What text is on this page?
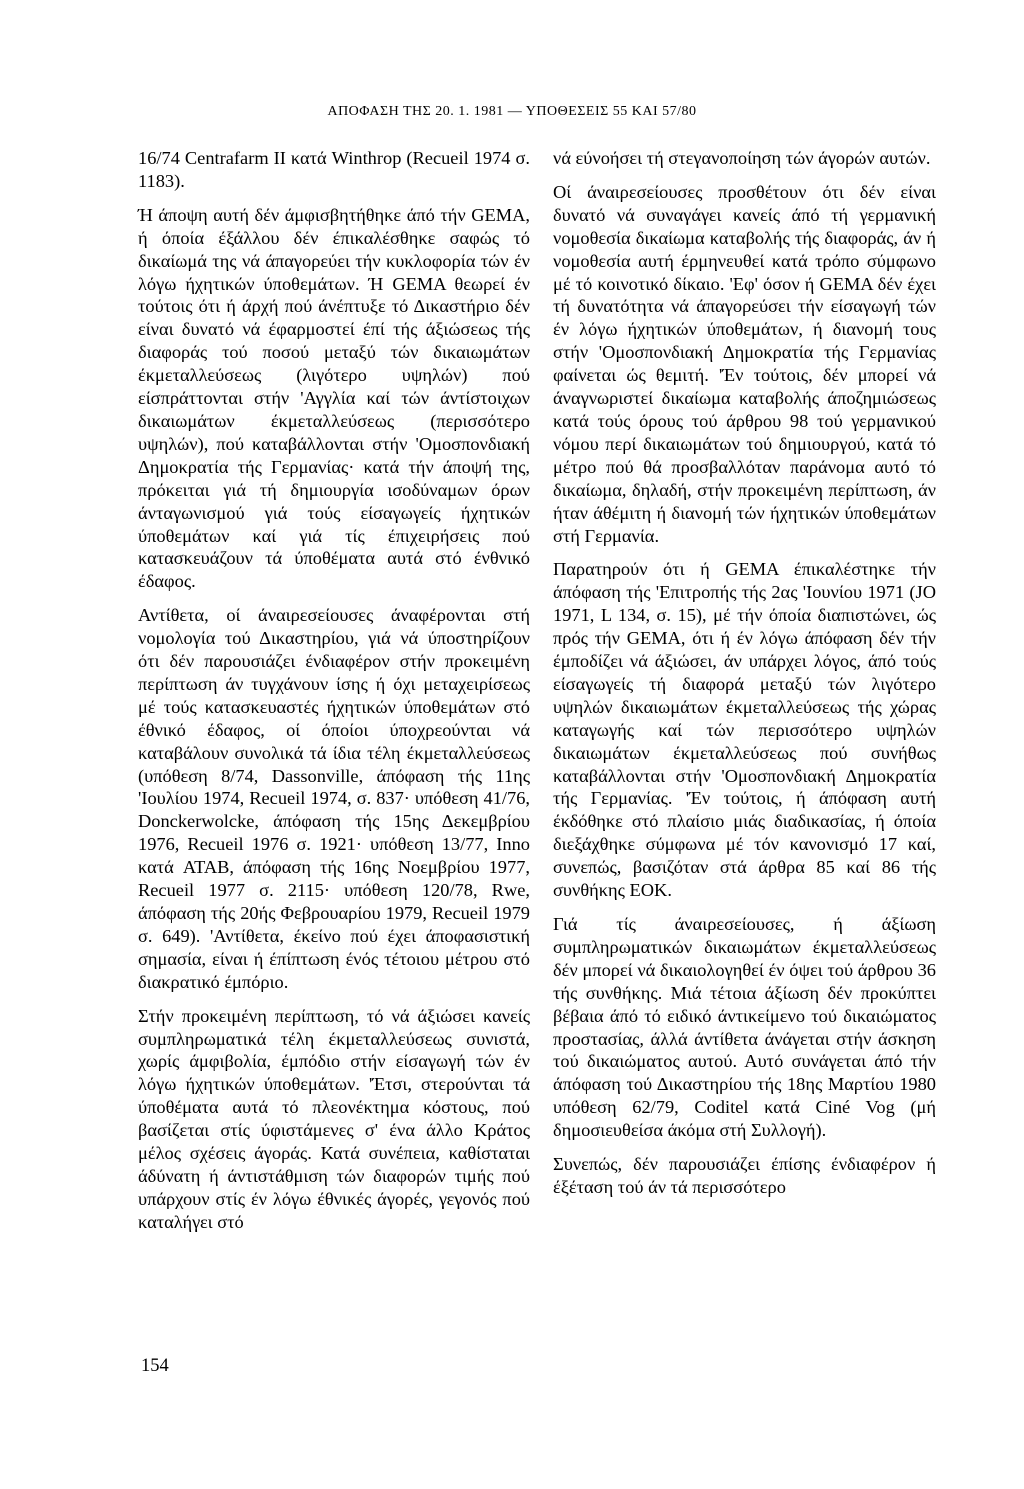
ΑΠΟΦΑΣΗ ΤΗΣ 20. 1. 1981 — ΥΠΟΘΕΣΕΙΣ 55 ΚΑΙ 57/80

16/74 Centrafarm II κατά Winthrop (Recueil 1974 σ. 1183).

Ή άποψη αυτή δέν άμφισβητήθηκε άπό τήν GEMA, ή όποία έξάλλου δέν έπικαλέσθηκε σαφώς τό δικαίωμά της νά άπαγορεύει τήν κυκλοφορία τών έν λόγω ήχητικών ύποθεμάτων. Ή GEMA θεωρεί έν τούτοις ότι ή άρχή πού άνέπτυξε τό Δικαστήριο δέν είναι δυνατό νά έφαρμοστεί έπί τής άξιώσεως τής διαφοράς τού ποσού μεταξύ τών δικαιωμάτων έκμεταλλεύσεως (λιγότερο υψηλών) πού είσπράττονται στήν 'Αγγλία καί τών άντίστοιχων δικαιωμάτων έκμεταλλεύσεως (περισσότερο υψηλών), πού καταβάλλονται στήν 'Ομοσπονδιακή Δημοκρατία τής Γερμανίας· κατά τήν άποψή της, πρόκειται γιά τή δημιουργία ισοδύναμων όρων άνταγωνισμού γιά τούς είσαγωγείς ήχητικών ύποθεμάτων καί γιά τίς έπιχειρήσεις πού κατασκευάζουν τά ύποθέματα αυτά στό ένθνικό έδαφος.

Αντίθετα, οί άναιρεσείουσες άναφέρονται στή νομολογία τού Δικαστηρίου, γιά νά ύποστηρίζουν ότι δέν παρουσιάζει ένδιαφέρον στήν προκειμένη περίπτωση άν τυγχάνουν ίσης ή όχι μεταχειρίσεως μέ τούς κατασκευαστές ήχητικών ύποθεμάτων στό έθνικό έδαφος, οί όποίοι ύποχρεούνται νά καταβάλουν συνολικά τά ίδια τέλη έκμεταλλεύσεως (υπόθεση 8/74, Dassonville, άπόφαση τής 11ης 'Ιουλίου 1974, Recueil 1974, σ. 837· υπόθεση 41/76, Donckerwolcke, άπόφαση τής 15ης Δεκεμβρίου 1976, Recueil 1976 σ. 1921· υπόθεση 13/77, Inno κατά ATAB, άπόφαση τής 16ης Νοεμβρίου 1977, Recueil 1977 σ. 2115· υπόθεση 120/78, Rwe, άπόφαση τής 20ής Φεβρουαρίου 1979, Recueil 1979 σ. 649). 'Αντίθετα, έκείνο πού έχει άποφασιστική σημασία, είναι ή έπίπτωση ένός τέτοιου μέτρου στό διακρατικό έμπόριο.

Στήν προκειμένη περίπτωση, τό νά άξιώσει κανείς συμπληρωματικά τέλη έκμεταλλεύσεως συνιστά, χωρίς άμφιβολία, έμπόδιο στήν είσαγωγή τών έν λόγω ήχητικών ύποθεμάτων. 'Έτσι, στερούνται τά ύποθέματα αυτά τό πλεονέκτημα κόστους, πού βασίζεται στίς ύφιστάμενες σ' ένα άλλο Κράτος μέλος σχέσεις άγοράς. Κατά συνέπεια, καθίσταται άδύνατη ή άντιστάθμιση τών διαφορών τιμής πού υπάρχουν στίς έν λόγω έθνικές άγορές, γεγονός πού καταλήγει στό

νά εύνοήσει τή στεγανοποίηση τών άγορών αυτών.

Οί άναιρεσείουσες προσθέτουν ότι δέν είναι δυνατό νά συναγάγει κανείς άπό τή γερμανική νομοθεσία δικαίωμα καταβολής τής διαφοράς, άν ή νομοθεσία αυτή έρμηνευθεί κατά τρόπο σύμφωνο μέ τό κοινοτικό δίκαιο. 'Εφ' όσον ή GEMA δέν έχει τή δυνατότητα νά άπαγορεύσει τήν είσαγωγή τών έν λόγω ήχητικών ύποθεμάτων, ή διανομή τους στήν 'Ομοσπονδιακή Δημοκρατία τής Γερμανίας φαίνεται ώς θεμιτή. 'Έν τούτοις, δέν μπορεί νά άναγνωριστεί δικαίωμα καταβολής άποζημιώσεως κατά τούς όρους τού άρθρου 98 τού γερμανικού νόμου περί δικαιωμάτων τού δημιουργού, κατά τό μέτρο πού θά προσβαλλόταν παράνομα αυτό τό δικαίωμα, δηλαδή, στήν προκειμένη περίπτωση, άν ήταν άθέμιτη ή διανομή τών ήχητικών ύποθεμάτων στή Γερμανία.

Παρατηρούν ότι ή GEMA έπικαλέστηκε τήν άπόφαση τής 'Επιτροπής τής 2ας 'Ιουνίου 1971 (JO 1971, L 134, σ. 15), μέ τήν όποία διαπιστώνει, ώς πρός τήν GEMA, ότι ή έν λόγω άπόφαση δέν τήν έμποδίζει νά άξιώσει, άν υπάρχει λόγος, άπό τούς είσαγωγείς τή διαφορά μεταξύ τών λιγότερο υψηλών δικαιωμάτων έκμεταλλεύσεως τής χώρας καταγωγής καί τών περισσότερο υψηλών δικαιωμάτων έκμεταλλεύσεως πού συνήθως καταβάλλονται στήν 'Ομοσπονδιακή Δημοκρατία τής Γερμανίας. 'Έν τούτοις, ή άπόφαση αυτή έκδόθηκε στό πλαίσιο μιάς διαδικασίας, ή όποία διεξάχθηκε σύμφωνα μέ τόν κανονισμό 17 καί, συνεπώς, βασιζόταν στά άρθρα 85 καί 86 τής συνθήκης ΕΟΚ.

Γιά τίς άναιρεσείουσες, ή άξίωση συμπληρωματικών δικαιωμάτων έκμεταλλεύσεως δέν μπορεί νά δικαιολογηθεί έν όψει τού άρθρου 36 τής συνθήκης. Μιά τέτοια άξίωση δέν προκύπτει βέβαια άπό τό ειδικό άντικείμενο τού δικαιώματος προστασίας, άλλά άντίθετα άνάγεται στήν άσκηση τού δικαιώματος αυτού. Αυτό συνάγεται άπό τήν άπόφαση τού Δικαστηρίου τής 18ης Μαρτίου 1980 υπόθεση 62/79, Coditel κατά Ciné Vog (μή δημοσιευθείσα άκόμα στή Συλλογή).

Συνεπώς, δέν παρουσιάζει έπίσης ένδιαφέρον ή έξέταση τού άν τά περισσότερο

154
